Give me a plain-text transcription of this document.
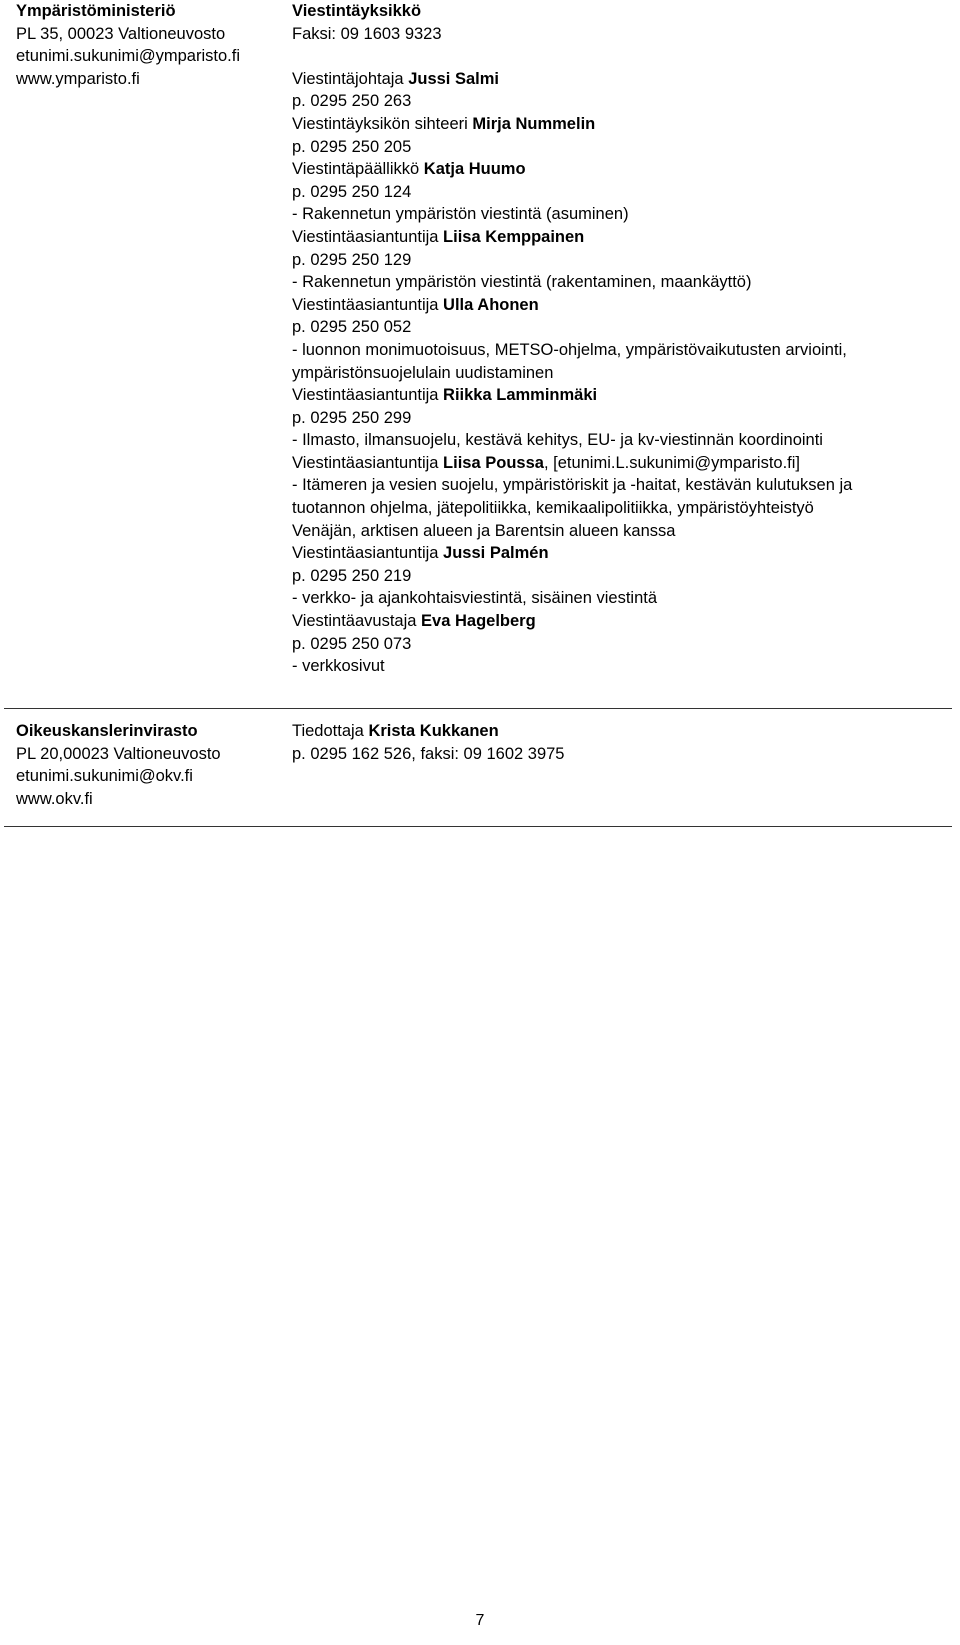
Ympäristöministeriö
PL 35, 00023 Valtioneuvosto
etunimi.sukunimi@ymparisto.fi
www.ymparisto.fi
Viestintäyksikkö
Faksi: 09 1603 9323
Viestintäjohtaja Jussi Salmi
p. 0295 250 263
Viestintäyksikön sihteeri Mirja Nummelin
p. 0295 250 205
Viestintäpäällikkö Katja Huumo
p. 0295 250 124
- Rakennetun ympäristön viestintä (asuminen)
Viestintäasiantuntija Liisa Kemppainen
p. 0295 250 129
- Rakennetun ympäristön viestintä (rakentaminen, maankäyttö)
Viestintäasiantuntija Ulla Ahonen
p. 0295 250 052
- luonnon monimuotoisuus, METSO-ohjelma, ympäristövaikutusten arviointi,
ympäristönsuojelulain uudistaminen
Viestintäasiantuntija Riikka Lamminmäki
p. 0295 250 299
- Ilmasto, ilmansuojelu, kestävä kehitys, EU- ja kv-viestinnän koordinointi
Viestintäasiantuntija Liisa Poussa, [etunimi.L.sukunimi@ymparisto.fi]
- Itämeren ja vesien suojelu, ympäristöriskit ja -haitat, kestävän kulutuksen ja
tuotannon ohjelma, jätepolitiikka, kemikaalipolitiikka, ympäristöyhteistyö
Venäjän, arktisen alueen ja Barentsin alueen kanssa
Viestintäasiantuntija Jussi Palmén
p. 0295 250 219
- verkko- ja ajankohtaisviestintä, sisäinen viestintä
Viestintäavustaja Eva Hagelberg
p. 0295 250 073
- verkkosivut
Oikeuskanslerinvirasto
PL 20,00023 Valtioneuvosto
etunimi.sukunimi@okv.fi
www.okv.fi
Tiedottaja Krista Kukkanen
p. 0295 162 526, faksi: 09 1602 3975
7
